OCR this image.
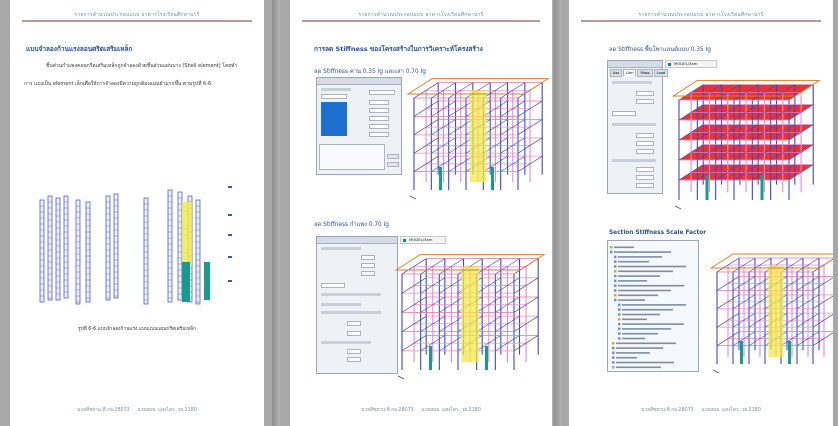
รายการคำนวณประกอบแบบ อาคารโรงเรียนศึกษานารี
แบบจำลองก้านแรงลอนศริตเสริมเหล็ก
ชิ้นส่วนกำแพงคอนกรีตเสริมเหล็กถูกจำลองด้วยชิ้นส่วนแผ่นบาง (Shell element) โดยทำ
การ แบ่งเป็น element เล็กเพื่อให้การจำลองมีความถูกต้องแม่นยำมากขึ้น ตามรูปที่ 6-6
รูปที่ 6-6 แบบจำลองก้านแรง แบบแบบแผนกรีตเสริมเหล็ก
นายสีชยาน ที่ กจ.28073 นายสมย. แสงไสว. วย.2180
รายการคำนวณประกอบแบบ อาคารโรงเรียนศึกษานารี
การลด Stiffness ของโครงสร้างในการวิเคราะห์โครงสร้าง
ลด Stiffness คาน 0.35 Ig และเสา 0.70 Ig
ลด Stiffness กำแพง 0.70 Ig
MODEL/3am
นายสีชยาน ที่ กจ.28073 นายสมย. แสงไสว. วย.2180
รายการคำนวณประกอบแบบ อาคารโรงเรียนศึกษานารี
ลด Stiffness พื้นโพาแลนต์แบบ 0.35 Ig
Ass	Gen	Mass	Load
MODEL/3am
Section Stiffness Scale Factor
นายสีชยาน ที่ กจ.28073 นายสมย. แสงไสว. วย.2180
